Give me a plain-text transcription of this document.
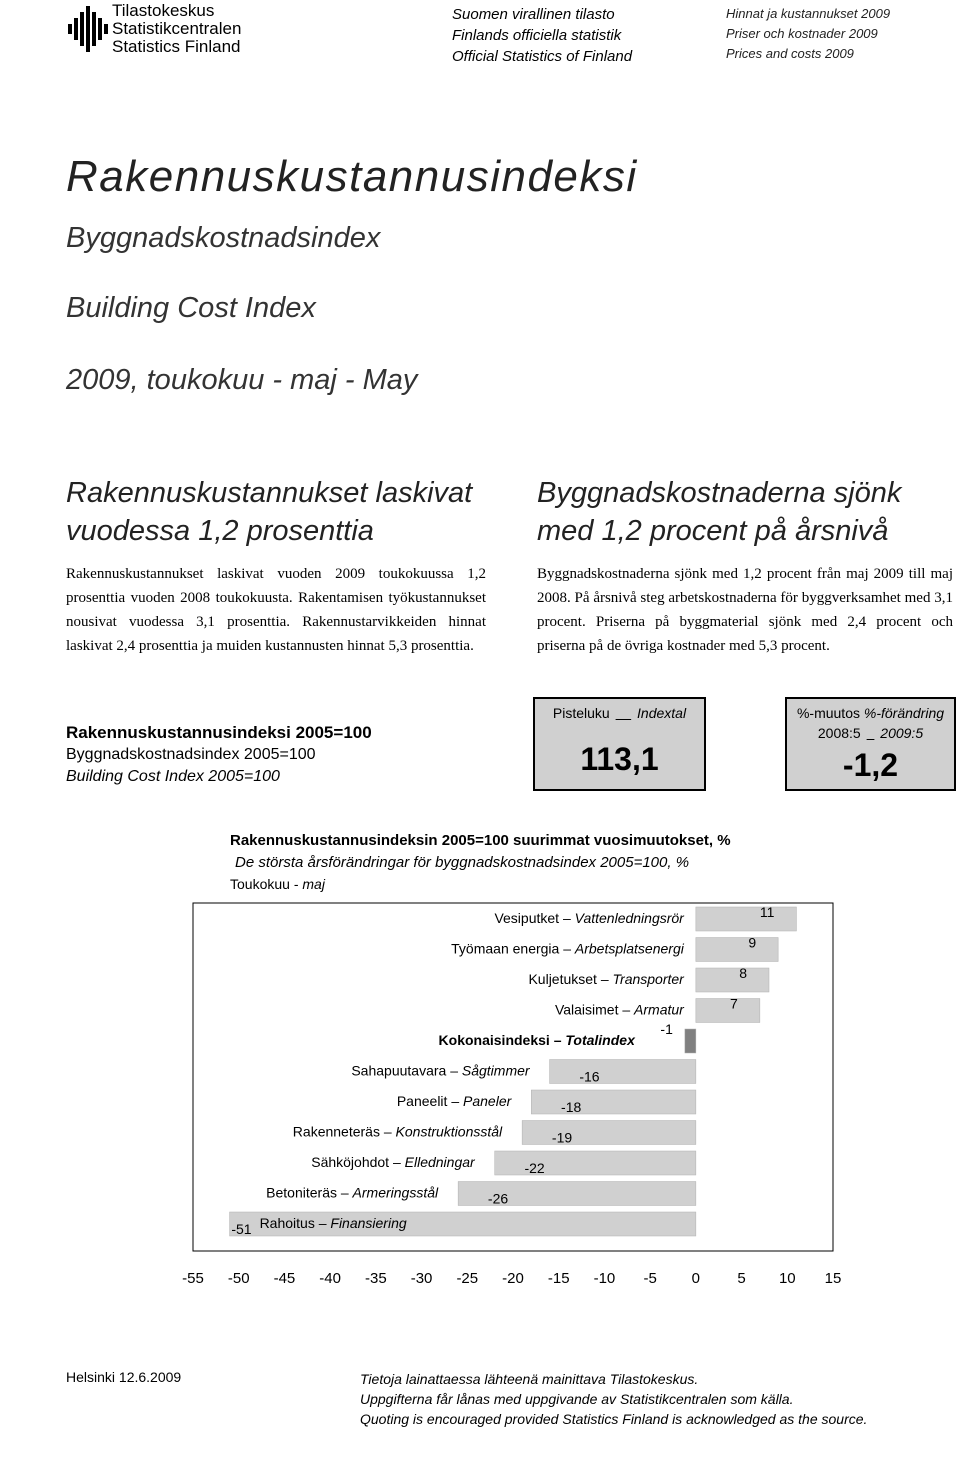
Tilastokeskus
Statistikcentralen
Statistics Finland
Suomen virallinen tilasto
Finlands officiella statistik
Official Statistics of Finland
Hinnat ja kustannukset 2009
Priser och kostnader 2009
Prices and costs 2009
Rakennuskustannusindeksi
Byggnadskostnadsindex
Building Cost Index
2009, toukokuu - maj - May
Rakennuskustannukset laskivat
vuodessa 1,2 prosenttia
Rakennuskustannukset laskivat vuoden 2009 toukokuussa 1,2 prosenttia vuoden 2008 toukokuusta. Rakentamisen työkustannukset nousivat vuodessa 3,1 prosenttia. Rakennustarvikkeiden hinnat laskivat 2,4 prosenttia ja muiden kustannusten hinnat 5,3 prosenttia.
Byggnadskostnaderna sjönk
med 1,2 procent på årsnivå
Byggnadskostnaderna sjönk med 1,2 procent från maj 2009 till maj 2008. På årsnivå steg arbetskostnaderna för byggverksamhet med 3,1 procent. Priserna på byggmaterial sjönk med 2,4 procent och priserna på de övriga kostnader med 5,3 procent.
Rakennuskustannusindeksi 2005=100
Byggnadskostnadsindex 2005=100
Building Cost Index 2005=100
Pisteluku Indextal
113,1
%-muutos %-förändring
2008:5 2009:5
-1,2
Rakennuskustannusindeksin 2005=100 suurimmat vuosimuutokset, %
De största årsförändringar för byggnadskostnadsindex 2005=100, %
Toukokuu - maj
11
Vesiputket – Vattenledningsrör
9
Työmaan energia – Arbetsplatsenergi
8
Kuljetukset – Transporter
7
Valaisimet – Armatur
-1
Kokonaisindeksi – Totalindex
-16
Sahapuutavara – Sågtimmer
-18
Paneelit – Paneler
-19
Rakenneteräs – Konstruktionsstål
-22
Sähköjohdot – Elledningar
-26
Betoniteräs – Armeringsstål
-51 Rahoitus – Finansiering
-55 -50 -45 -40 -35 -30 -25 -20 -15 -10 -5 0 5 10 15
Helsinki 12.6.2009	Tietoja lainattaessa lähteenä mainittava Tilastokeskus.
Uppgifterna får lånas med uppgivande av Statistikcentralen som källa.
Quoting is encouraged provided Statistics Finland is acknowledged as the source.
